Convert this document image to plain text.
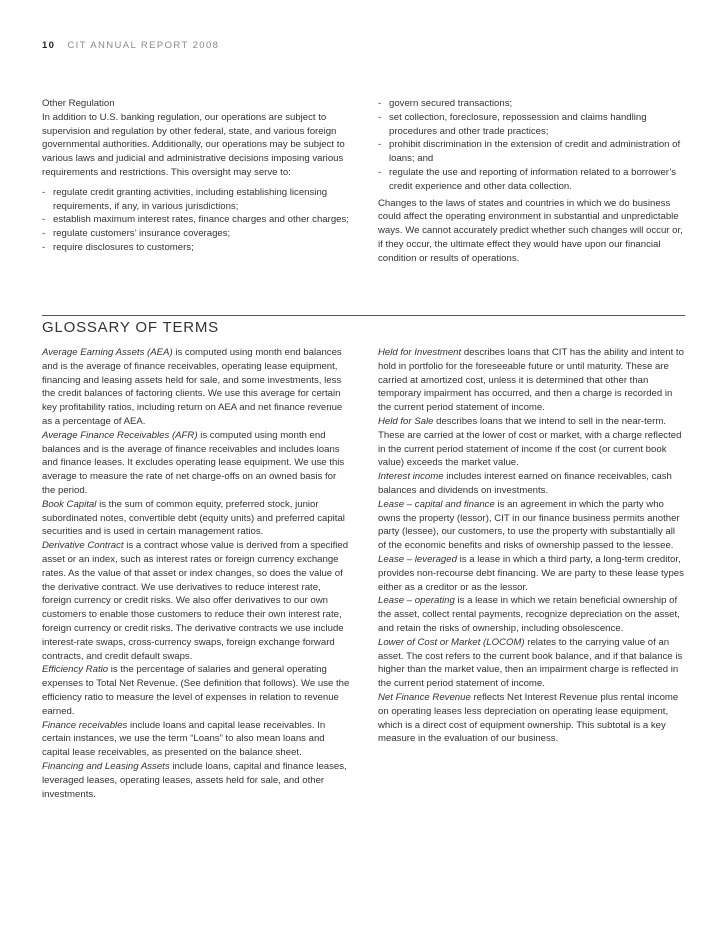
10 CIT ANNUAL REPORT 2008

Other Regulation

In addition to U.S. banking regulation, our operations are subject to supervision and regulation by other federal, state, and various foreign governmental authorities. Additionally, our operations may be subject to various laws and judicial and administrative decisions imposing various requirements and restrictions. This oversight may serve to:

- regulate credit granting activities, including establishing licensing requirements, if any, in various jurisdictions;
- establish maximum interest rates, finance charges and other charges;
- regulate customers’ insurance coverages;
- require disclosures to customers;
- govern secured transactions;
- set collection, foreclosure, repossession and claims handling procedures and other trade practices;
- prohibit discrimination in the extension of credit and administration of loans; and
- regulate the use and reporting of information related to a borrower’s credit experience and other data collection.

Changes to the laws of states and countries in which we do business could affect the operating environment in substantial and unpredictable ways. We cannot accurately predict whether such changes will occur or, if they occur, the ultimate effect they would have upon our financial condition or results of operations.

GLOSSARY OF TERMS

Average Earning Assets (AEA) is computed using month end balances and is the average of finance receivables, operating lease equipment, financing and leasing assets held for sale, and some investments, less the credit balances of factoring clients. We use this average for certain key profitability ratios, including return on AEA and net finance revenue as a percentage of AEA.

Average Finance Receivables (AFR) is computed using month end balances and is the average of finance receivables and includes loans and finance leases. It excludes operating lease equipment. We use this average to measure the rate of net charge-offs on an owned basis for the period.

Book Capital is the sum of common equity, preferred stock, junior subordinated notes, convertible debt (equity units) and preferred capital securities and is used in certain management ratios.

Derivative Contract is a contract whose value is derived from a specified asset or an index, such as interest rates or foreign currency exchange rates. As the value of that asset or index changes, so does the value of the derivative contract. We use derivatives to reduce interest rate, foreign currency or credit risks. We also offer derivatives to our own customers to enable those customers to reduce their own interest rate, foreign currency or credit risks. The derivative contracts we use include interest-rate swaps, cross-currency swaps, foreign exchange forward contracts, and credit default swaps.

Efficiency Ratio is the percentage of salaries and general operating expenses to Total Net Revenue. (See definition that follows). We use the efficiency ratio to measure the level of expenses in relation to revenue earned.

Finance receivables include loans and capital lease receivables. In certain instances, we use the term “Loans” to also mean loans and capital lease receivables, as presented on the balance sheet.

Financing and Leasing Assets include loans, capital and finance leases, leveraged leases, operating leases, assets held for sale, and other investments.

Held for Investment describes loans that CIT has the ability and intent to hold in portfolio for the foreseeable future or until maturity. These are carried at amortized cost, unless it is determined that other than temporary impairment has occurred, and then a charge is recorded in the current period statement of income.

Held for Sale describes loans that we intend to sell in the near-term. These are carried at the lower of cost or market, with a charge reflected in the current period statement of income if the cost (or current book value) exceeds the market value.

Interest income includes interest earned on finance receivables, cash balances and dividends on investments.

Lease – capital and finance is an agreement in which the party who owns the property (lessor), CIT in our finance business permits another party (lessee), our customers, to use the property with substantially all of the economic benefits and risks of ownership passed to the lessee.

Lease – leveraged is a lease in which a third party, a long-term creditor, provides non-recourse debt financing. We are party to these lease types either as a creditor or as the lessor.

Lease – operating is a lease in which we retain beneficial ownership of the asset, collect rental payments, recognize depreciation on the asset, and retain the risks of ownership, including obsolescence.

Lower of Cost or Market (LOCOM) relates to the carrying value of an asset. The cost refers to the current book balance, and if that balance is higher than the market value, then an impairment charge is reflected in the current period statement of income.

Net Finance Revenue reflects Net Interest Revenue plus rental income on operating leases less depreciation on operating lease equipment, which is a direct cost of equipment ownership. This subtotal is a key measure in the evaluation of our business.
